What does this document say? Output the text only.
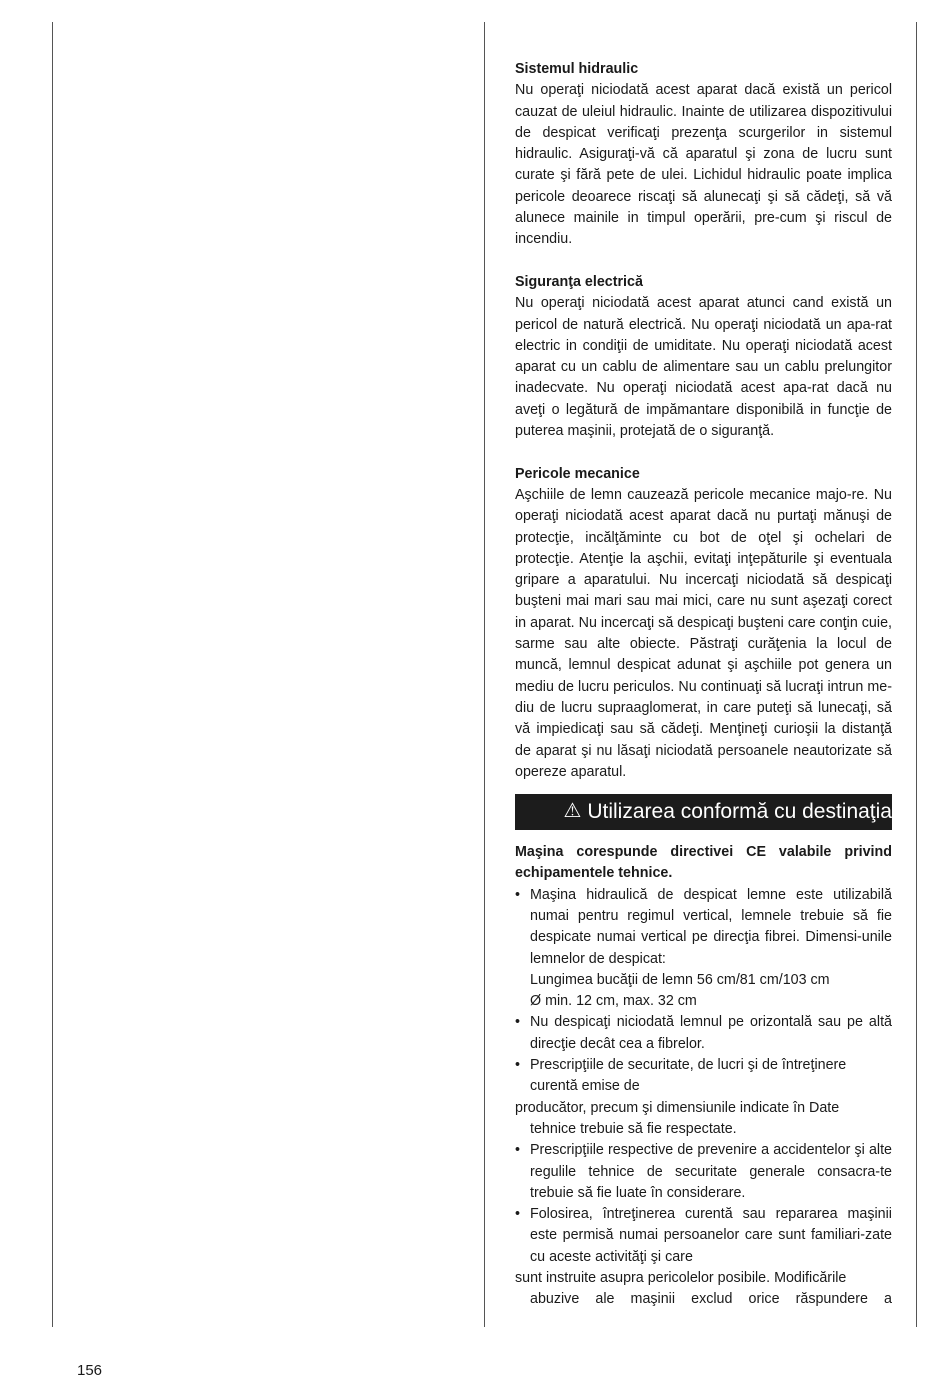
Sistemul hidraulic

Nu operaţi niciodată acest aparat dacă există un pericol cauzat de uleiul hidraulic. Inainte de utilizarea dispozitivului de despicat verificaţi prezenţa scurgerilor in sistemul hidraulic. Asiguraţi-vă că aparatul şi zona de lucru sunt curate şi fără pete de ulei. Lichidul hidraulic poate implica pericole deoarece riscaţi să alunecaţi şi să cădeţi, să vă alunece mainile in timpul operării, pre-cum şi riscul de incendiu.

Siguranţa electrică

Nu operaţi niciodată acest aparat atunci cand există un pericol de natură electrică. Nu operaţi niciodată un apa-rat electric in condiţii de umiditate. Nu operaţi niciodată acest aparat cu un cablu de alimentare sau un cablu prelungitor inadecvate. Nu operaţi niciodată acest apa-rat dacă nu aveţi o legătură de impămantare disponibilă in funcţie de puterea maşinii, protejată de o siguranţă.

Pericole mecanice

Aşchiile de lemn cauzează pericole mecanice majo-re. Nu operaţi niciodată acest aparat dacă nu purtaţi mănuşi de protecţie, incălţăminte cu bot de oţel şi ochelari de protecţie. Atenţie la aşchii, evitaţi inţepăturile şi eventuala gripare a aparatului. Nu incercaţi niciodată să despicaţi buşteni mai mari sau mai mici, care nu sunt aşezaţi corect in aparat. Nu incercaţi să despicaţi buşteni care conţin cuie, sarme sau alte obiecte. Păstraţi curăţenia la locul de muncă, lemnul despicat adunat şi aşchiile pot genera un mediu de lucru periculos. Nu continuaţi să lucraţi intrun me-diu de lucru supraaglomerat, in care puteţi să lunecaţi, să vă impiedicaţi sau să cădeţi. Menţineţi curioşii la distanţă de aparat şi nu lăsaţi niciodată persoanele neautorizate să opereze aparatul.

⚠ Utilizarea conformă cu destinaţia

Maşina corespunde directivei CE valabile privind echipamentele tehnice.

• Maşina hidraulică de despicat lemne este utilizabilă numai pentru regimul vertical, lemnele trebuie să fie despicate numai vertical pe direcţia fibrei. Dimensi-unile lemnelor de despicat:

Lungimea bucăţii de lemn 56 cm/81 cm/103 cm

Ø min. 12 cm, max. 32 cm

• Nu despicaţi niciodată lemnul pe orizontală sau pe altă direcţie decât cea a fibrelor.

• Prescripţiile de securitate, de lucri şi de întreţinere curentă emise de

producător, precum şi dimensiunile indicate în Date

tehnice trebuie să fie respectate.

• Prescripţiile respective de prevenire a accidentelor şi alte regulile tehnice de securitate generale consacra-te trebuie să fie luate în considerare.

• Folosirea, întreţinerea curentă sau repararea maşinii este permisă numai persoanelor care sunt familiari-zate cu aceste activităţi şi care

sunt instruite asupra pericolelor posibile. Modificările

abuzive ale maşinii exclud orice răspundere a

156
